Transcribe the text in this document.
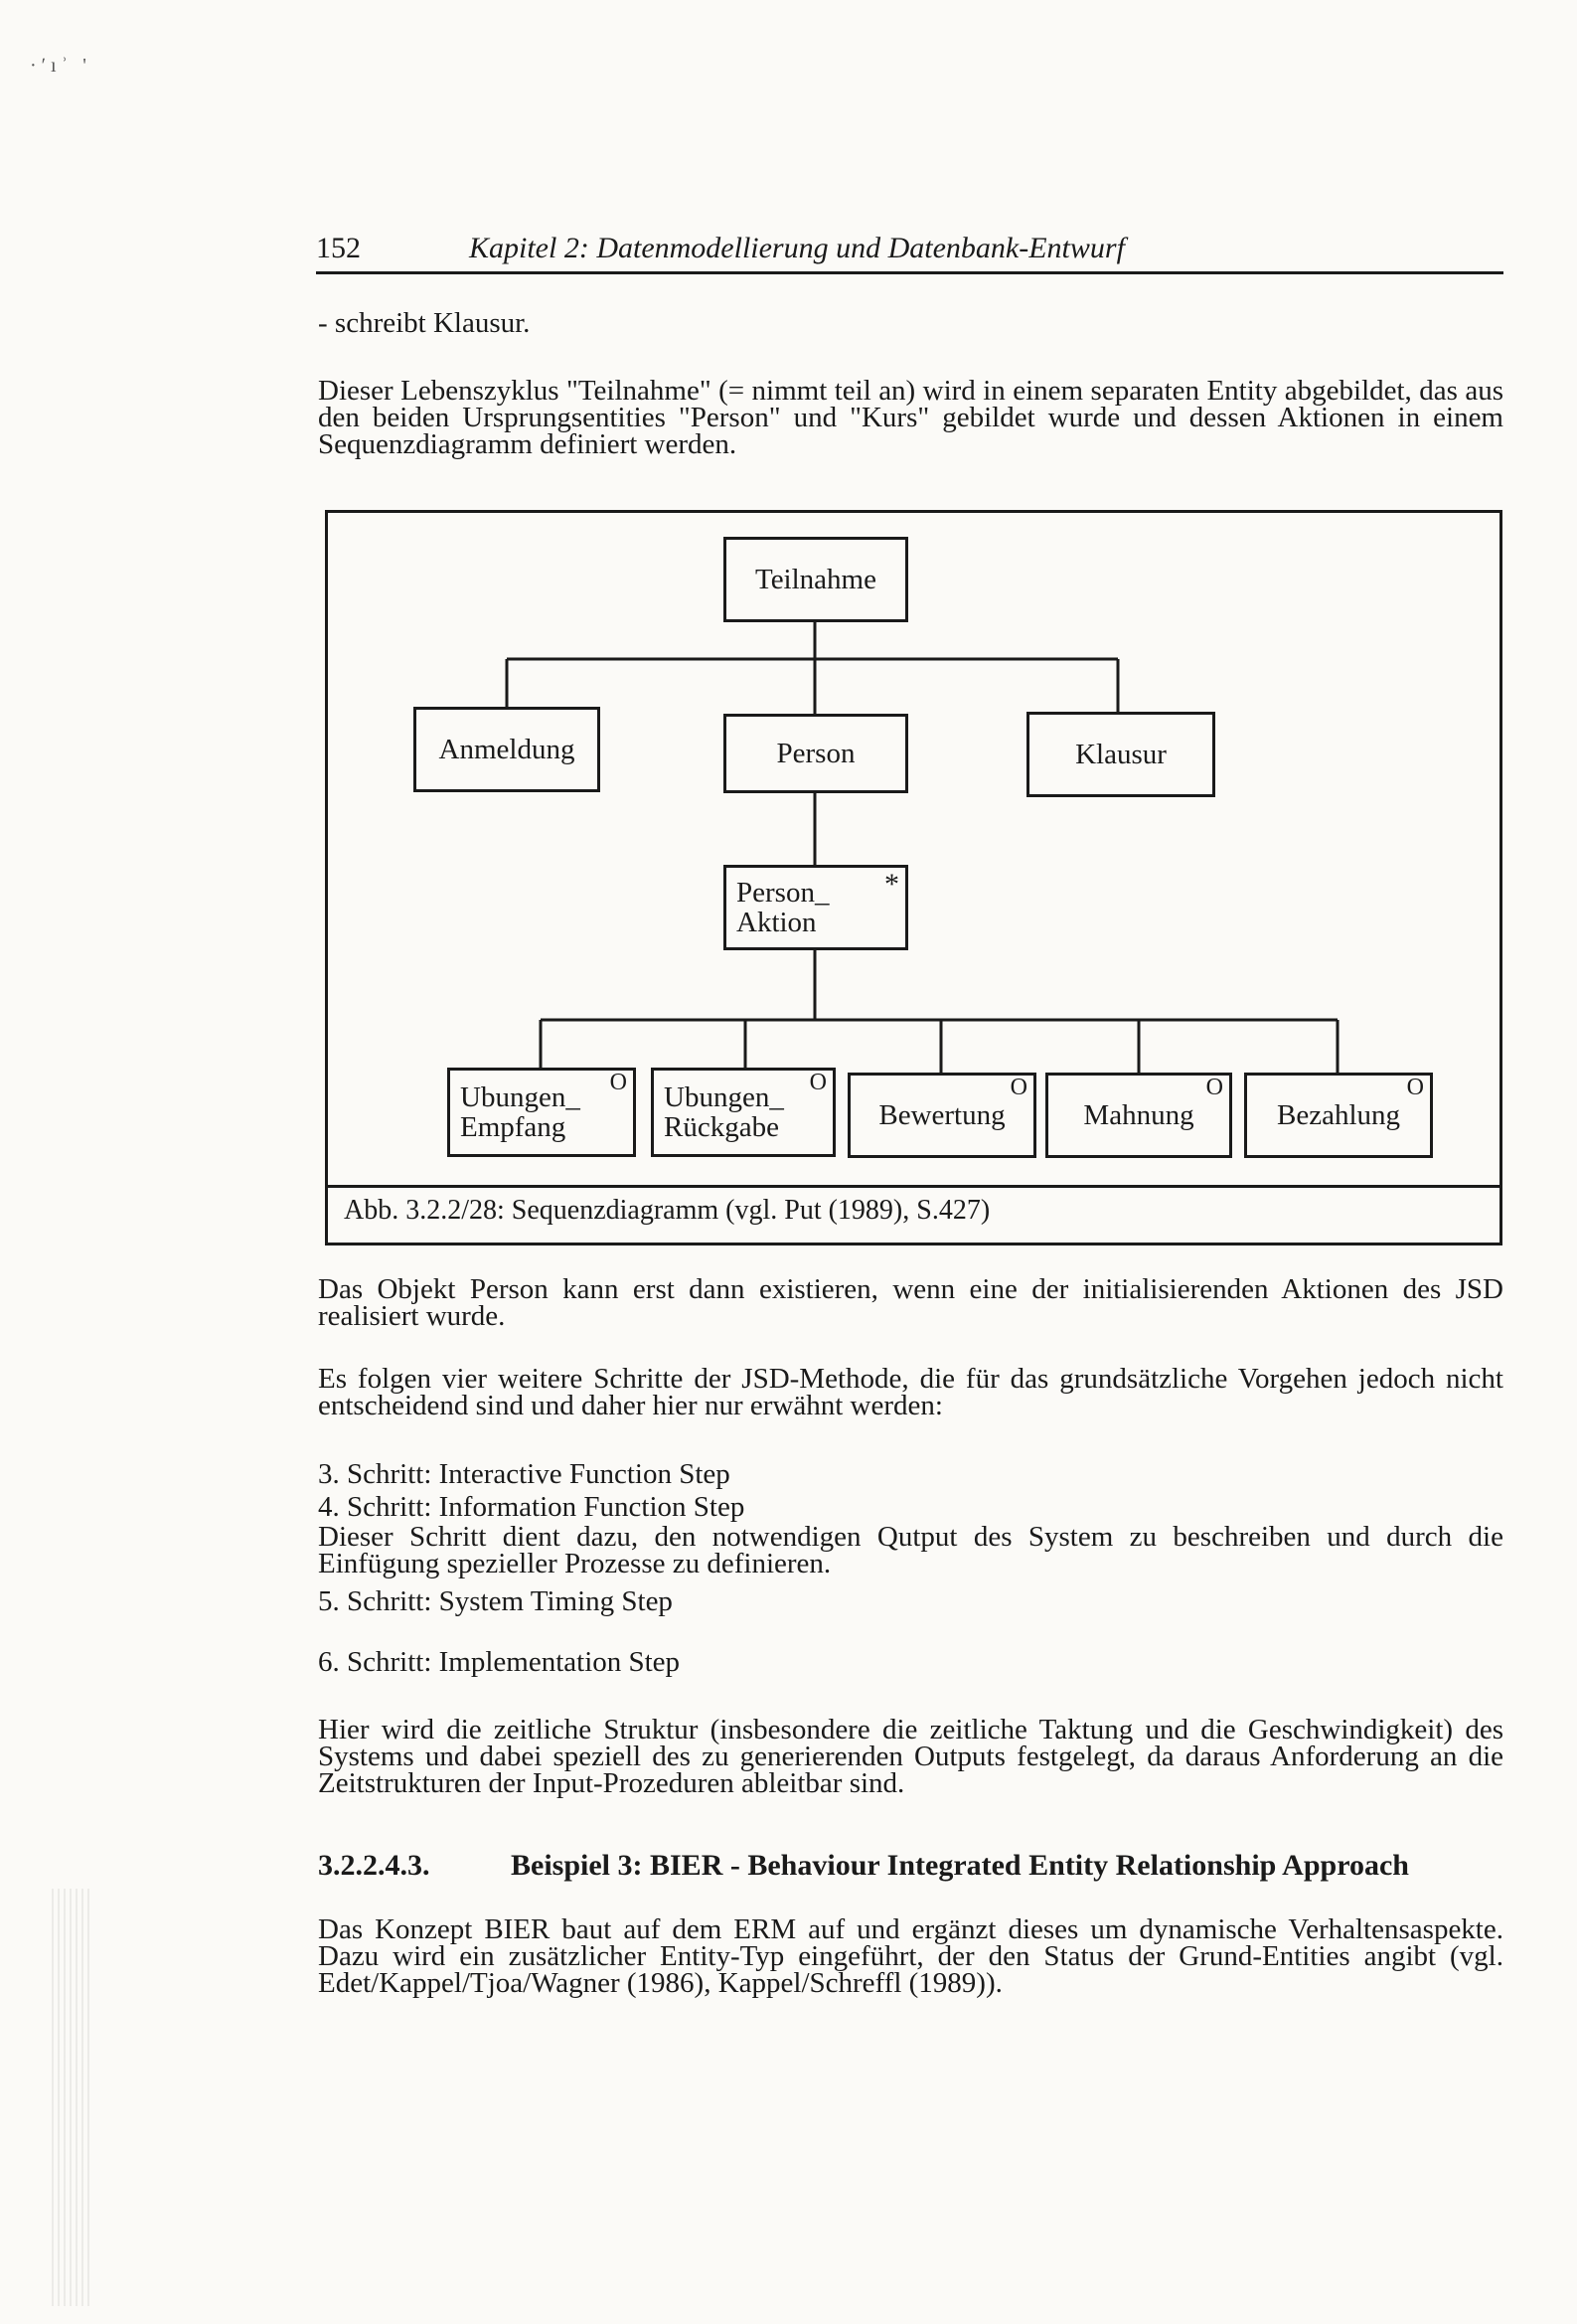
· ʹ ı ʾ   '
152	Kapitel 2: Datenmodellierung und Datenbank-Entwurf
- schreibt Klausur.
Dieser Lebenszyklus "Teilnahme" (= nimmt teil an) wird in einem separaten Entity abgebildet, das aus den beiden Ursprungsentities "Person" und "Kurs" gebildet wurde und dessen Aktionen in einem Sequenzdiagramm definiert werden.
Teilnahme
Anmeldung	Person	Klausur
Person_
Aktion
*
Ubungen_
Empfang
O Ubungen_
Rückgabe
O
Bewertung
O
Mahnung
O
Bezahlung
O
Abb. 3.2.2/28: Sequenzdiagramm (vgl. Put (1989), S.427)
Das Objekt Person kann erst dann existieren, wenn eine der initialisierenden Aktionen des JSD realisiert wurde.
Es folgen vier weitere Schritte der JSD-Methode, die für das grundsätzliche Vorgehen jedoch nicht entscheidend sind und daher hier nur erwähnt werden:
3. Schritt: Interactive Function Step
4. Schritt: Information Function Step
Dieser Schritt dient dazu, den notwendigen Qutput des System zu beschreiben und durch die Einfügung spezieller Prozesse zu definieren.
5. Schritt: System Timing Step
6. Schritt: Implementation Step
Hier wird die zeitliche Struktur (insbesondere die zeitliche Taktung und die Geschwindigkeit) des Systems und dabei speziell des zu generierenden Outputs festgelegt, da daraus Anforderung an die Zeitstrukturen der Input-Prozeduren ableitbar sind.
3.2.2.4.3.	Beispiel 3: BIER - Behaviour Integrated Entity Relationship Approach
Das Konzept BIER baut auf dem ERM auf und ergänzt dieses um dynamische Verhaltensaspekte. Dazu wird ein zusätzlicher Entity-Typ eingeführt, der den Status der Grund-Entities angibt (vgl. Edet/Kappel/Tjoa/Wagner (1986), Kappel/Schreffl (1989)).
